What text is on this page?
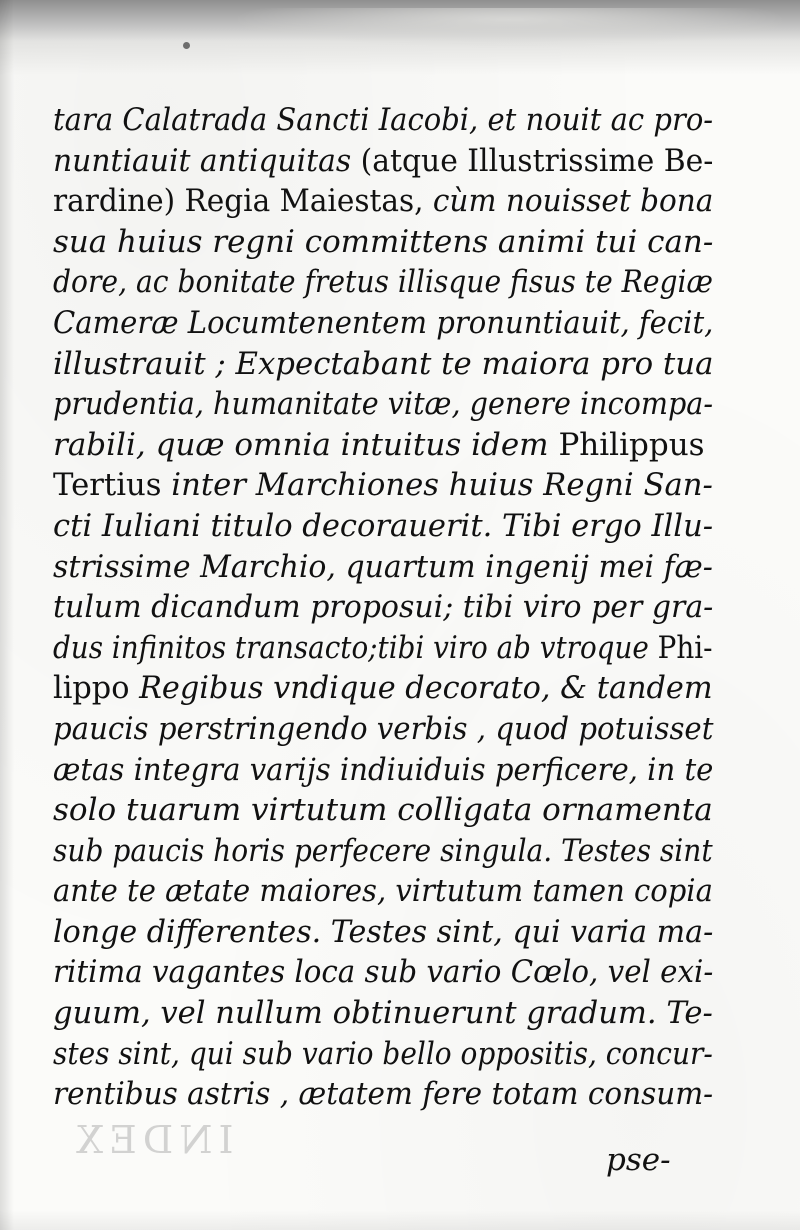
tara Calatrada Sancti Iacobi, et nouit ac pro-
nuntiauit antiquitas (atque Illustrissime Be-
rardine) Regia Maiestas, cùm nouisset bona
sua huius regni committens animi tui can-
dore, ac bonitate fretus illisque fisus te Regiæ
Cameræ Locumtenentem pronuntiauit, fecit,
illustrauit ; Expectabant te maiora pro tua
prudentia, humanitate vitæ, genere incompa-
rabili, quæ omnia intuitus idem Philippus
Tertius inter Marchiones huius Regni San-
cti Iuliani titulo decorauerit. Tibi ergo Illu-
strissime Marchio, quartum ingenij mei fæ-
tulum dicandum proposui; tibi viro per gra-
dus infinitos transacto;tibi viro ab vtroque Phi-
lippo Regibus vndique decorato, & tandem
paucis perstringendo verbis , quod potuisset
ætas integra varijs indiuiduis perficere, in te
solo tuarum virtutum colligata ornamenta
sub paucis horis perfecere singula. Testes sint
ante te ætate maiores, virtutum tamen copia
longe differentes. Testes sint, qui varia ma-
ritima vagantes loca sub vario Cœlo, vel exi-
guum, vel nullum obtinuerunt gradum. Te-
stes sint, qui sub vario bello oppositis, concur-
rentibus astris , ætatem fere totam consum-
INDEX	pse-
